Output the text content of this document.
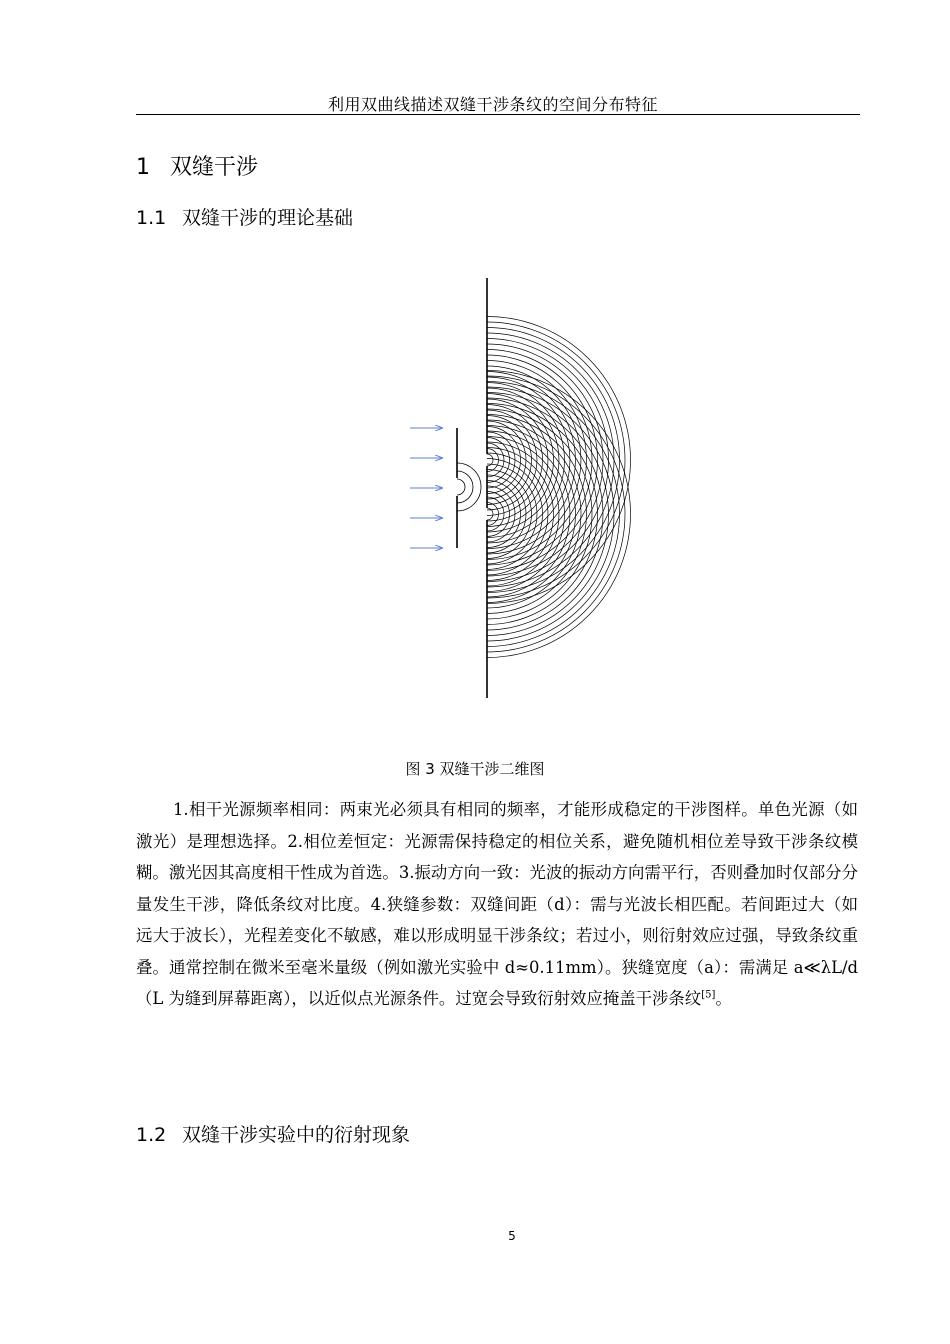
利用双曲线描述双缝干涉条纹的空间分布特征
1 双缝干涉
1.1 双缝干涉的理论基础
图 3 双缝干涉二维图
1.相干光源频率相同：两束光必须具有相同的频率，才能形成稳定的干涉图样。单色光源（如激光）是理想选择。2.相位差恒定：光源需保持稳定的相位关系，避免随机相位差导致干涉条纹模糊。激光因其高度相干性成为首选。3.振动方向一致：光波的振动方向需平行，否则叠加时仅部分分量发生干涉，降低条纹对比度。4.狭缝参数：双缝间距（d）：需与光波长相匹配。若间距过大（如远大于波长），光程差变化不敏感，难以形成明显干涉条纹；若过小，则衍射效应过强，导致条纹重叠。通常控制在微米至毫米量级（例如激光实验中 d≈0.11mm）。狭缝宽度（a）：需满足 a≪λL/d（L 为缝到屏幕距离），以近似点光源条件。过宽会导致衍射效应掩盖干涉条纹[5]。
1.2 双缝干涉实验中的衍射现象
5
